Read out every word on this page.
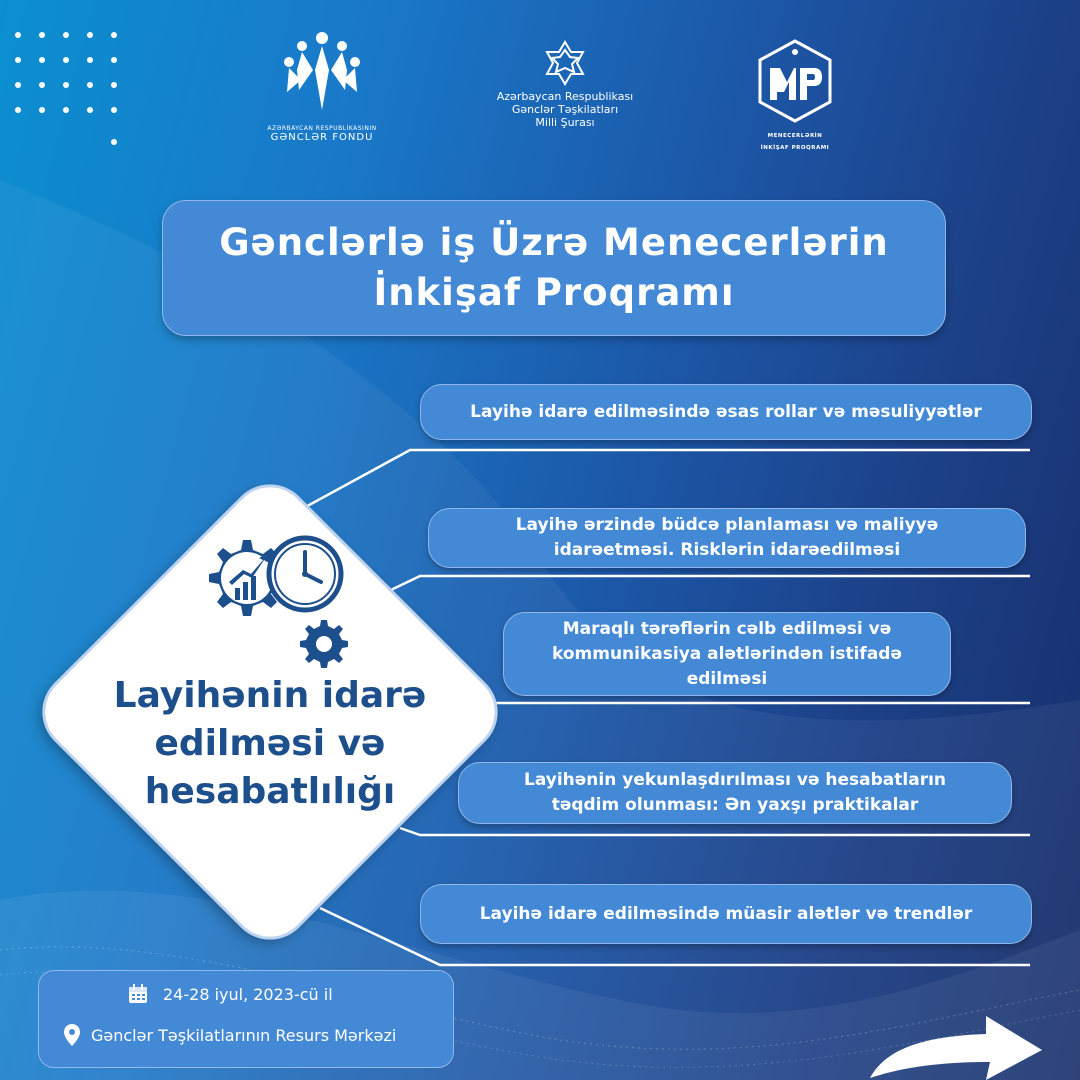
AZƏRBAYCAN RESPUBLİKASININ
GƏNCLƏR FONDU
Azərbaycan Respublikası
Gənclər Təşkilatları
Milli Şurası
MENECERLƏRİN
İNKİŞAF PROQRAMI
Gənclərlə iş Üzrə Menecerlərin
İnkişaf Proqramı
Layihənin idarə
edilməsi və
hesabatlılığı
Layihə idarə edilməsində əsas rollar və məsuliyyətlər
Layihə ərzində büdcə planlaması və maliyyə
idarəetməsi. Risklərin idarəedilməsi
Maraqlı tərəflərin cəlb edilməsi və
kommunikasiya alətlərindən istifadə
edilməsi
Layihənin yekunlaşdırılması və hesabatların
təqdim olunması: Ən yaxşı praktikalar
Layihə idarə edilməsində müasir alətlər və trendlər
24-28 iyul, 2023-cü il
Gənclər Təşkilatlarının Resurs Mərkəzi
